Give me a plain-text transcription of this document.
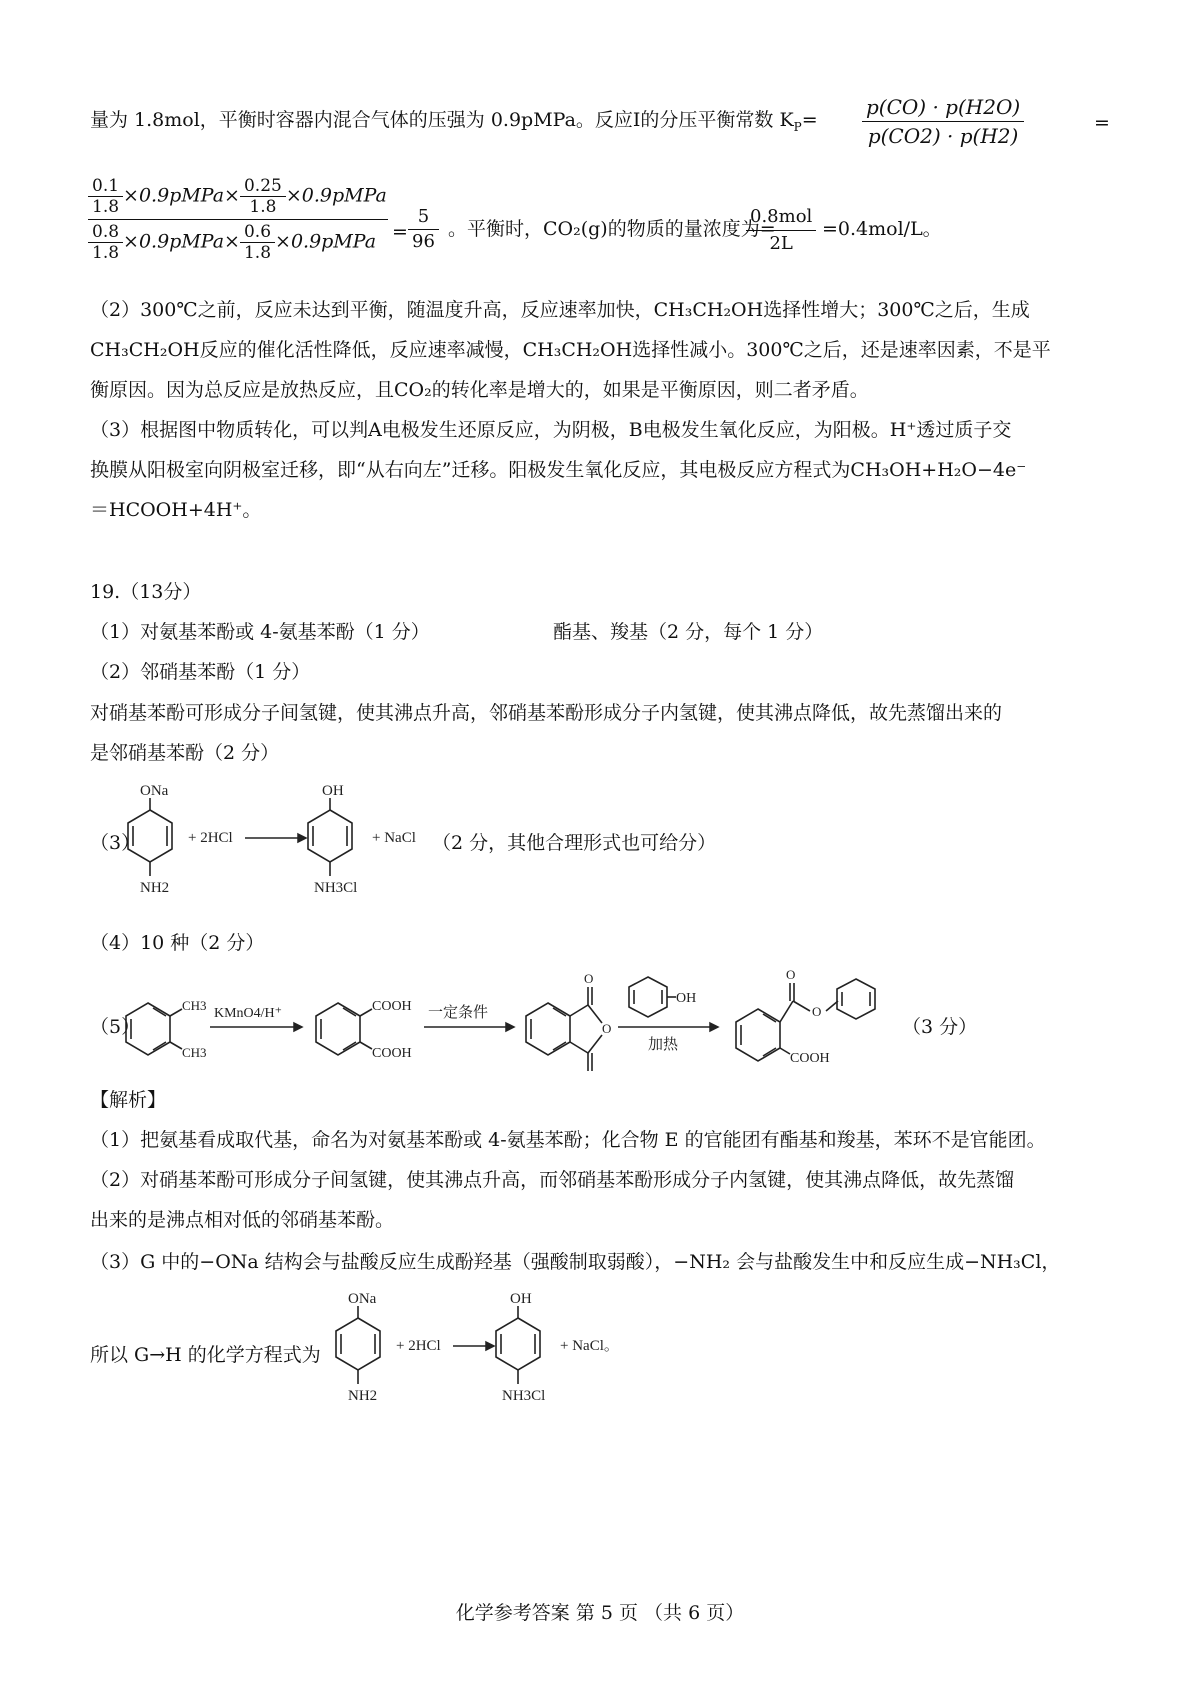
量为 1.8mol，平衡时容器内混合气体的压强为 0.9pMPa。反应Ⅰ的分压平衡常数 $K_P= \frac{p(CO) \cdot p(H2O)}{p(CO2) \cdot p(H2)}$	=
$\frac{0.1}{1.8}$ ×0.9pMPa× $\frac{0.25}{1.8}$ ×0.9pMPa
$\frac{0.8}{1.8}$ ×0.9pMPa× $\frac{0.6}{1.8}$ ×0.9pMPa = $\frac{5}{96}$ 。平衡时，CO₂(g)的物质的量浓度为=
0.8mol
2L
=0.4mol/L。
（2）300℃之前，反应未达到平衡，随温度升高，反应速率加快，CH₃CH₂OH选择性增大；300℃之后，生成
CH₃CH₂OH反应的催化活性降低，反应速率减慢，CH₃CH₂OH选择性减小。300℃之后，还是速率因素，不是平
衡原因。因为总反应是放热反应，且CO₂的转化率是增大的，如果是平衡原因，则二者矛盾。
（3）根据图中物质转化，可以判A电极发生还原反应，为阴极，B电极发生氧化反应，为阳极。H⁺透过质子交
换膜从阳极室向阴极室迁移，即“从右向左”迁移。阳极发生氧化反应，其电极反应方程式为CH₃OH+H₂O−4e⁻
＝HCOOH+4H⁺。
19.（13分）
（1）对氨基苯酚或 4-氨基苯酚（1 分）	酯基、羧基（2 分，每个 1 分）
（2）邻硝基苯酚（1 分）
对硝基苯酚可形成分子间氢键，使其沸点升高，邻硝基苯酚形成分子内氢键，使其沸点降低，故先蒸馏出来的
是邻硝基苯酚（2 分）
（3）
ONa
NH2
+ 2HCl
OH
NH3Cl
+ NaCl （2 分，其他合理形式也可给分）
（4）10 种（2 分）
（5）
CH3
CH3
KMnO4/H⁺	COOH
COOH
一定条件
O
O
OH
加热
O
O
COOH
（3 分）
【解析】
（1）把氨基看成取代基，命名为对氨基苯酚或 4-氨基苯酚；化合物 E 的官能团有酯基和羧基，苯环不是官能团。
（2）对硝基苯酚可形成分子间氢键，使其沸点升高，而邻硝基苯酚形成分子内氢键，使其沸点降低，故先蒸馏
出来的是沸点相对低的邻硝基苯酚。
（3）G 中的−ONa 结构会与盐酸反应生成酚羟基（强酸制取弱酸），−NH₂ 会与盐酸发生中和反应生成−NH₃Cl，
所以 G→H 的化学方程式为
ONa
NH2
+ 2HCl
OH
NH3Cl
+ NaCl。
化学参考答案 第 5 页 （共 6 页）
